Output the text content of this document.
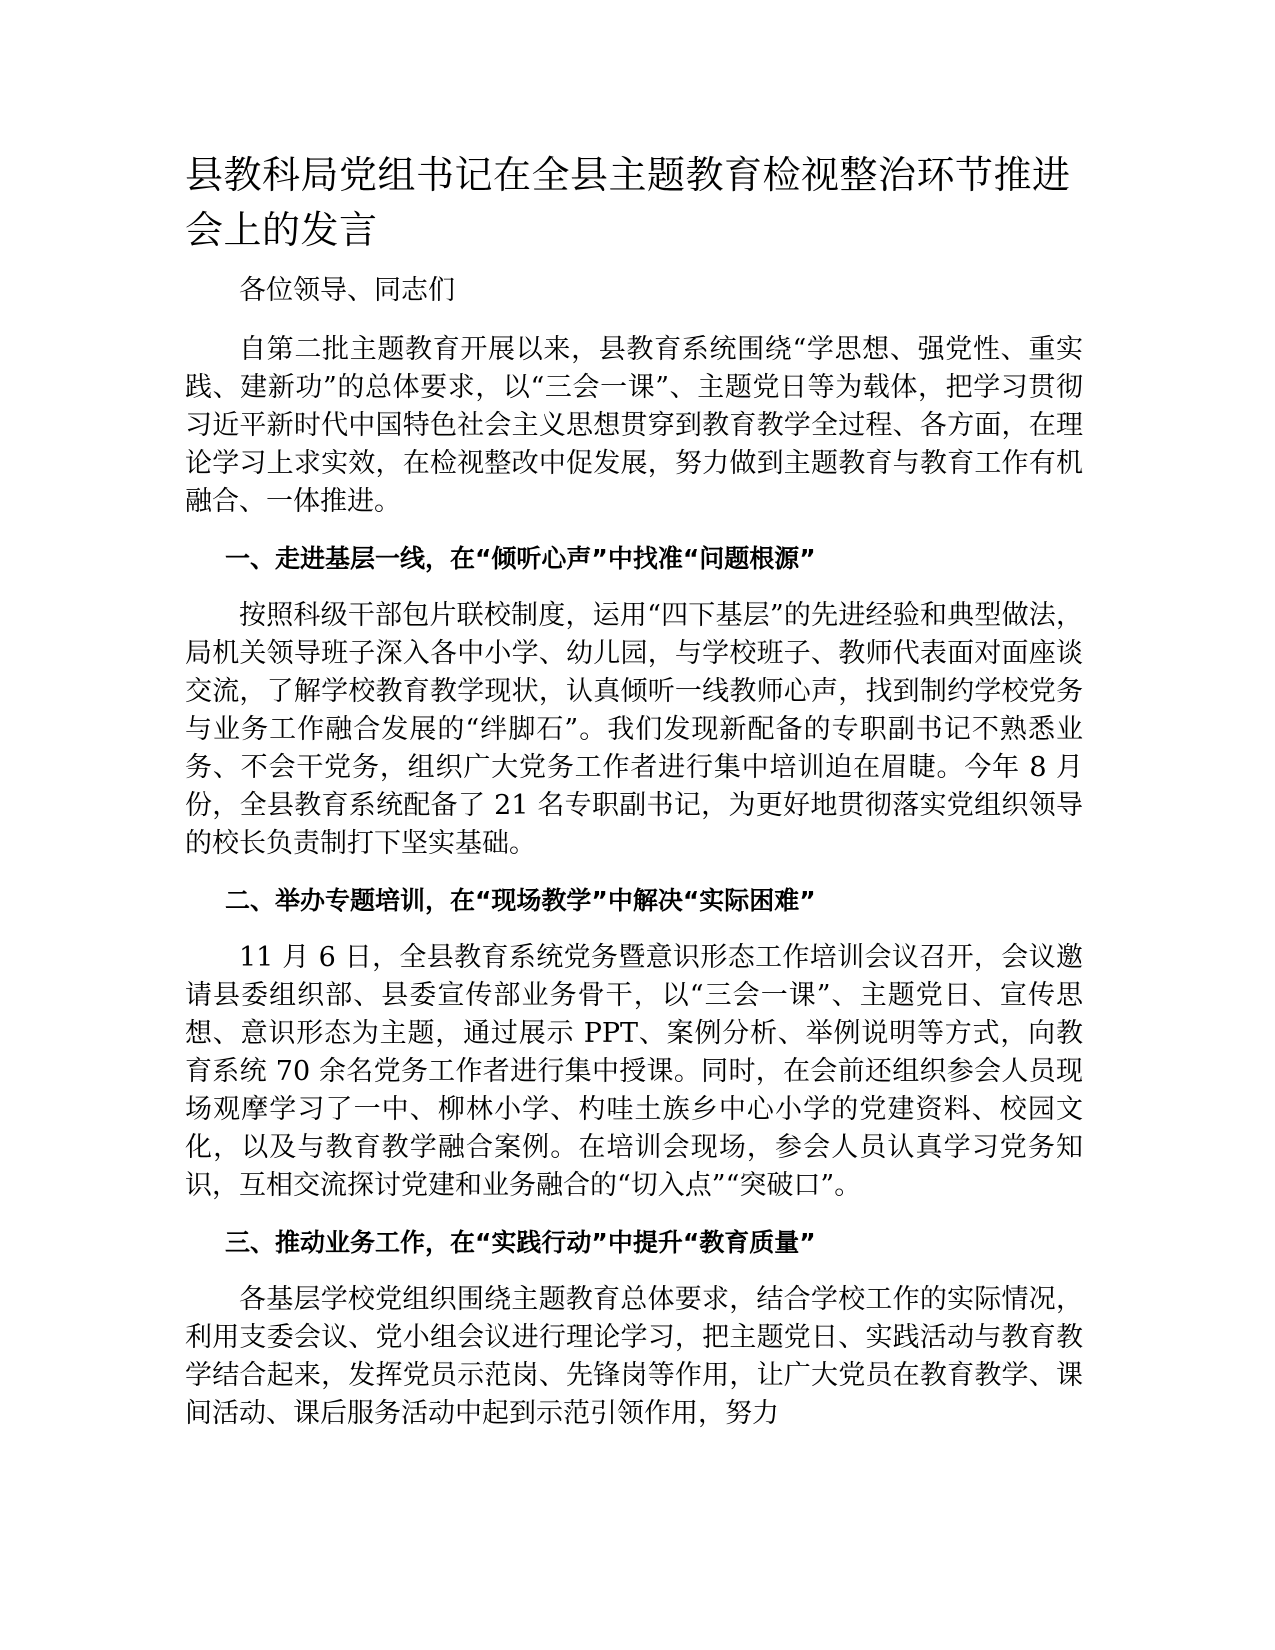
县教科局党组书记在全县主题教育检视整治环节推进会上的发言

各位领导、同志们

自第二批主题教育开展以来，县教育系统围绕“学思想、强党性、重实践、建新功”的总体要求，以“三会一课”、主题党日等为载体，把学习贯彻习近平新时代中国特色社会主义思想贯穿到教育教学全过程、各方面，在理论学习上求实效，在检视整改中促发展，努力做到主题教育与教育工作有机融合、一体推进。

一、走进基层一线，在“倾听心声”中找准“问题根源”

按照科级干部包片联校制度，运用“四下基层”的先进经验和典型做法，局机关领导班子深入各中小学、幼儿园，与学校班子、教师代表面对面座谈交流，了解学校教育教学现状，认真倾听一线教师心声，找到制约学校党务与业务工作融合发展的“绊脚石”。我们发现新配备的专职副书记不熟悉业务、不会干党务，组织广大党务工作者进行集中培训迫在眉睫。今年 8 月份，全县教育系统配备了 21 名专职副书记，为更好地贯彻落实党组织领导的校长负责制打下坚实基础。

二、举办专题培训，在“现场教学”中解决“实际困难”

11 月 6 日，全县教育系统党务暨意识形态工作培训会议召开，会议邀请县委组织部、县委宣传部业务骨干，以“三会一课”、主题党日、宣传思想、意识形态为主题，通过展示 PPT、案例分析、举例说明等方式，向教育系统 70 余名党务工作者进行集中授课。同时，在会前还组织参会人员现场观摩学习了一中、柳林小学、杓哇土族乡中心小学的党建资料、校园文化，以及与教育教学融合案例。在培训会现场，参会人员认真学习党务知识，互相交流探讨党建和业务融合的“切入点”“突破口”。

三、推动业务工作，在“实践行动”中提升“教育质量”

各基层学校党组织围绕主题教育总体要求，结合学校工作的实际情况，利用支委会议、党小组会议进行理论学习，把主题党日、实践活动与教育教学结合起来，发挥党员示范岗、先锋岗等作用，让广大党员在教育教学、课间活动、课后服务活动中起到示范引领作用，努力
